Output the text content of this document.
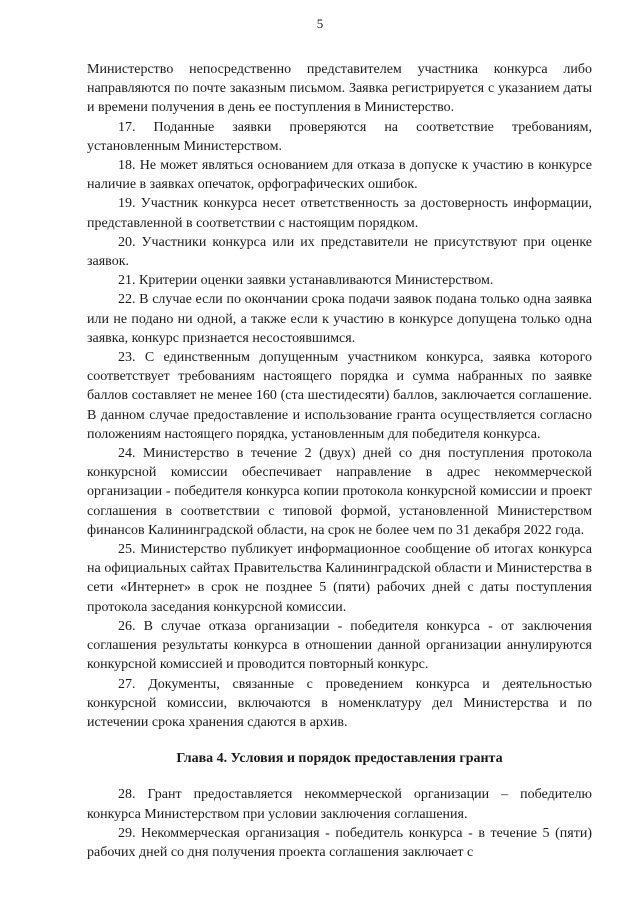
5

Министерство непосредственно представителем участника конкурса либо направляются по почте заказным письмом. Заявка регистрируется с указанием даты и времени получения в день ее поступления в Министерство.

17. Поданные заявки проверяются на соответствие требованиям, установленным Министерством.

18. Не может являться основанием для отказа в допуске к участию в конкурсе наличие в заявках опечаток, орфографических ошибок.

19. Участник конкурса несет ответственность за достоверность информации, представленной в соответствии с настоящим порядком.

20. Участники конкурса или их представители не присутствуют при оценке заявок.

21. Критерии оценки заявки устанавливаются Министерством.

22. В случае если по окончании срока подачи заявок подана только одна заявка или не подано ни одной, а также если к участию в конкурсе допущена только одна заявка, конкурс признается несостоявшимся.

23. С единственным допущенным участником конкурса, заявка которого соответствует требованиям настоящего порядка и сумма набранных по заявке баллов составляет не менее 160 (ста шестидесяти) баллов, заключается соглашение. В данном случае предоставление и использование гранта осуществляется согласно положениям настоящего порядка, установленным для победителя конкурса.

24. Министерство в течение 2 (двух) дней со дня поступления протокола конкурсной комиссии обеспечивает направление в адрес некоммерческой организации - победителя конкурса копии протокола конкурсной комиссии и проект соглашения в соответствии с типовой формой, установленной Министерством финансов Калининградской области, на срок не более чем по 31 декабря 2022 года.

25. Министерство публикует информационное сообщение об итогах конкурса на официальных сайтах Правительства Калининградской области и Министерства в сети «Интернет» в срок не позднее 5 (пяти) рабочих дней с даты поступления протокола заседания конкурсной комиссии.

26. В случае отказа организации - победителя конкурса - от заключения соглашения результаты конкурса в отношении данной организации аннулируются конкурсной комиссией и проводится повторный конкурс.

27. Документы, связанные с проведением конкурса и деятельностью конкурсной комиссии, включаются в номенклатуру дел Министерства и по истечении срока хранения сдаются в архив.

Глава 4. Условия и порядок предоставления гранта

28. Грант предоставляется некоммерческой организации – победителю конкурса Министерством при условии заключения соглашения.

29. Некоммерческая организация - победитель конкурса - в течение 5 (пяти) рабочих дней со дня получения проекта соглашения заключает с
